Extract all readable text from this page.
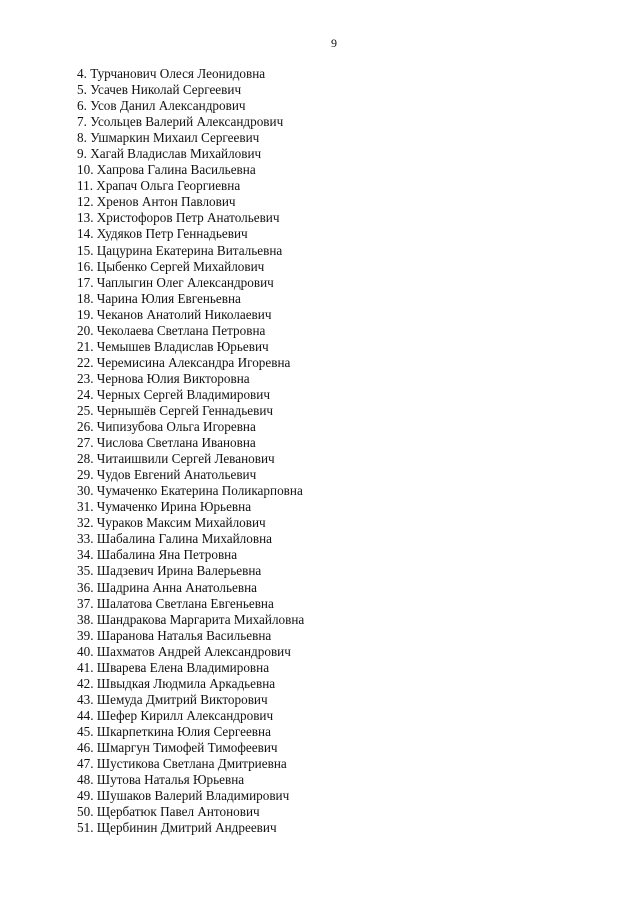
9
4. Турчанович Олеся Леонидовна
5. Усачев Николай Сергеевич
6. Усов Данил Александрович
7. Усольцев Валерий Александрович
8. Ушмаркин Михаил Сергеевич
9. Хагай Владислав Михайлович
10. Хапрова Галина Васильевна
11. Храпач Ольга Георгиевна
12. Хренов Антон Павлович
13. Христофоров Петр Анатольевич
14. Худяков Петр Геннадьевич
15. Цацурина Екатерина Витальевна
16. Цыбенко Сергей Михайлович
17. Чаплыгин Олег Александрович
18. Чарина Юлия Евгеньевна
19. Чеканов Анатолий Николаевич
20. Чеколаева Светлана Петровна
21. Чемышев Владислав Юрьевич
22. Черемисина Александра Игоревна
23. Чернова Юлия Викторовна
24. Черных Сергей Владимирович
25. Чернышёв Сергей Геннадьевич
26. Чипизубова Ольга Игоревна
27. Числова Светлана Ивановна
28. Читаишвили Сергей Леванович
29. Чудов Евгений Анатольевич
30. Чумаченко Екатерина Поликарповна
31. Чумаченко Ирина Юрьевна
32. Чураков Максим Михайлович
33. Шабалина Галина Михайловна
34. Шабалина Яна Петровна
35. Шадзевич Ирина Валерьевна
36. Шадрина Анна Анатольевна
37. Шалатова Светлана Евгеньевна
38. Шандракова Маргарита Михайловна
39. Шаранова Наталья Васильевна
40. Шахматов Андрей Александрович
41. Шварева Елена Владимировна
42. Швыдкая Людмила Аркадьевна
43. Шемуда Дмитрий Викторович
44. Шефер Кирилл Александрович
45. Шкарпеткина Юлия Сергеевна
46. Шмаргун Тимофей Тимофеевич
47. Шустикова Светлана Дмитриевна
48. Шутова Наталья Юрьевна
49. Шушаков Валерий Владимирович
50. Щербатюк Павел Антонович
51. Щербинин Дмитрий Андреевич
